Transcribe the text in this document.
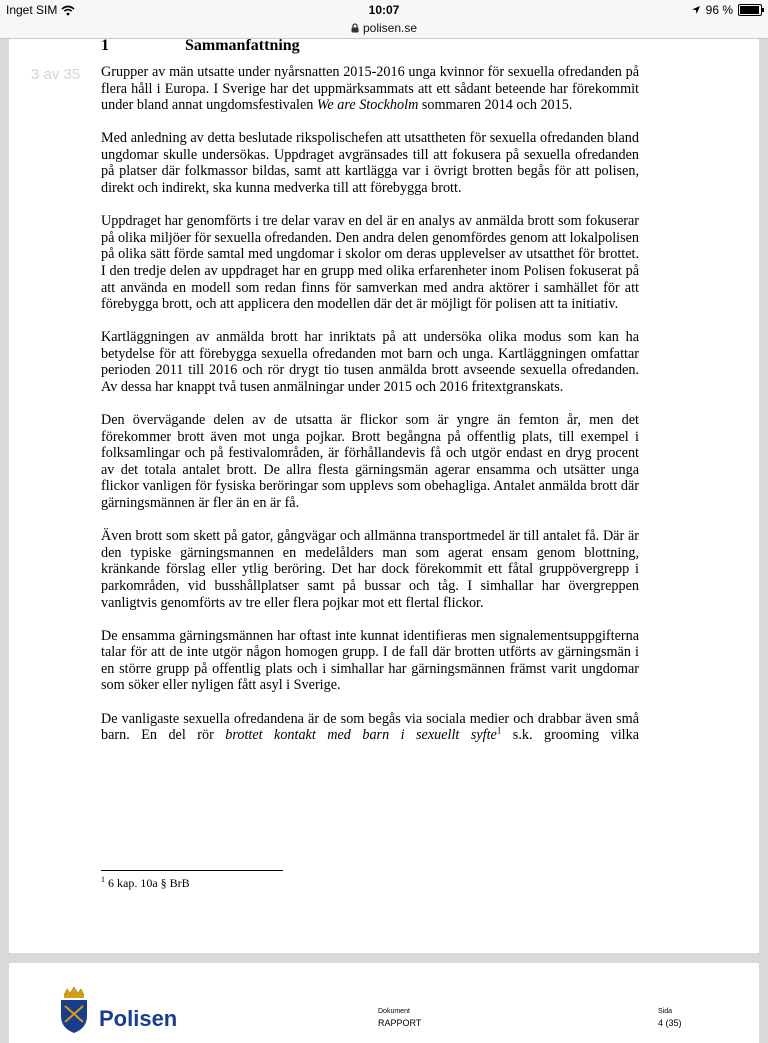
Inget SIM	10:07	96 %
polisen.se
1	Sammanfattning
3 av 35 Grupper av män utsatte under nyårsnatten 2015-2016 unga kvinnor för sexuella ofredanden på flera håll i Europa. I Sverige har det uppmärksammats att ett sådant beteende har förekommit under bland annat ungdomsfestivalen We are Stockholm sommaren 2014 och 2015.

Med anledning av detta beslutade rikspolischefen att utsattheten för sexuella ofredanden bland ungdomar skulle undersökas. Uppdraget avgränsades till att fokusera på sexuella ofredanden på platser där folkmassor bildas, samt att kartlägga var i övrigt brotten begås för att polisen, direkt och indirekt, ska kunna medverka till att förebygga brott.

Uppdraget har genomförts i tre delar varav en del är en analys av anmälda brott som fokuserar på olika miljöer för sexuella ofredanden. Den andra delen genomfördes genom att lokalpolisen på olika sätt förde samtal med ungdomar i skolor om deras upplevelser av utsatthet för brottet. I den tredje delen av uppdraget har en grupp med olika erfarenheter inom Polisen fokuserat på att använda en modell som redan finns för samverkan med andra aktörer i samhället för att förebygga brott, och att applicera den modellen där det är möjligt för polisen att ta initiativ.

Kartläggningen av anmälda brott har inriktats på att undersöka olika modus som kan ha betydelse för att förebygga sexuella ofredanden mot barn och unga. Kartläggningen omfattar perioden 2011 till 2016 och rör drygt tio tusen anmälda brott avseende sexuella ofredanden. Av dessa har knappt två tusen anmälningar under 2015 och 2016 fritextgranskats.

Den övervägande delen av de utsatta är flickor som är yngre än femton år, men det förekommer brott även mot unga pojkar. Brott begångna på offentlig plats, till exempel i folksamlingar och på festivalområden, är förhållandevis få och utgör endast en dryg procent av det totala antalet brott. De allra flesta gärningsmän agerar ensamma och utsätter unga flickor vanligen för fysiska beröringar som upplevs som obehagliga. Antalet anmälda brott där gärningsmännen är fler än en är få.

Även brott som skett på gator, gångvägar och allmänna transportmedel är till antalet få. Där är den typiske gärningsmannen en medelålders man som agerat ensam genom blottning, kränkande förslag eller ytlig beröring. Det har dock förekommit ett fåtal gruppövergrepp i parkområden, vid busshållplatser samt på bussar och tåg. I simhallar har övergreppen vanligtvis genomförts av tre eller flera pojkar mot ett flertal flickor.

De ensamma gärningsmännen har oftast inte kunnat identifieras men signalementsuppgifterna talar för att de inte utgör någon homogen grupp. I de fall där brotten utförts av gärningsmän i en större grupp på offentlig plats och i simhallar har gärningsmännen främst varit ungdomar som söker eller nyligen fått asyl i Sverige.

De vanligaste sexuella ofredandena är de som begås via sociala medier och drabbar även små barn. En del rör brottet kontakt med barn i sexuellt syfte$^1$ s.k. grooming vilka

$^1$ 6 kap. 10a § BrB
Polisen	Dokument
RAPPORT
Sida
4 (35)
